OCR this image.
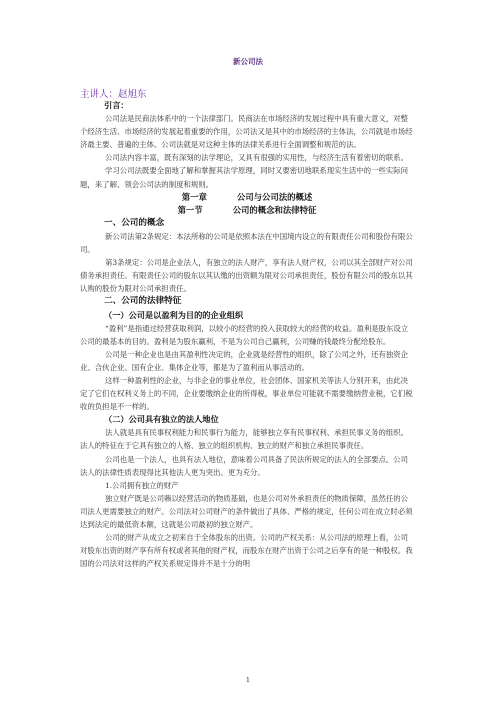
新公司法
主讲人：赵旭东

引言：

公司法是民商法体系中的一个法律部门。民商法在市场经济的发展过程中具有重大意义，对整个经济生活、市场经济的发展起着重要的作用，公司法又是其中的市场经济的主体法，公司就是市场经济最主要、普遍的主体。公司法就是对这种主体的法律关系进行全面调整和规范的法。

公司法内容丰富，既有深刻的法学理论，又具有很强的实用性，与经济生活有着密切的联系。

学习公司法既要全面地了解和掌握其法学原理，同时又要密切地联系现实生活中的一些实际问题，来了解、领会公司法的制度和规则。

第一章	公司与公司法的概述

第一节	公司的概念和法律特征

一、公司的概念

新公司法第2条规定：本法所称的公司是依照本法在中国境内设立的有限责任公司和股份有限公司。

第3条规定：公司是企业法人，有独立的法人财产，享有法人财产权，公司以其全部财产对公司债务承担责任。有限责任公司的股东以其认缴的出资额为限对公司承担责任，股份有限公司的股东以其认购的股份为限对公司承担责任。

二、公司的法律特征

（一）公司是以盈利为目的的企业组织

“盈利”是指通过经营获取利润，以较小的经营的投入获取较大的经营的收益。盈利是股东设立公司的最基本的目的。盈利是为股东赢利，不是为公司自己赢利，公司赚的钱最终分配给股东。

公司是一种企业也是由其盈利性决定的，企业就是经营性的组织，除了公司之外，还有独资企业、合伙企业、国有企业、集体企业等，都是为了盈利而从事活动的。

这样一种盈利性的企业，与非企业的事业单位，社会团体、国家机关等法人分别开来，由此决定了它们在权利义务上的不同，企业要缴纳企业的所得税，事业单位可能就不需要缴纳营业税，它们税收的负担是不一样的。

（二）公司具有独立的法人地位

法人就是具有民事权利能力和民事行为能力，能够独立享有民事权利、承担民事义务的组织。法人的特征在于它具有独立的人格、独立的组织机构、独立的财产和独立承担民事责任。

公司也是一个法人，也具有法人地位，意味着公司具备了民法所规定的法人的全部要点。公司法人的法律性质表现得比其他法人更为突出、更为充分。

1.公司拥有独立的财产

独立财产既是公司赖以经营活动的物质基础，也是公司对外承担责任的物质保障，虽然任的公司法人更需要独立的财产。公司法对公司财产的条件做出了具体、严格的规定，任何公司在成立时必须达到法定的最低资本额，这就是公司最初的独立财产。

公司的财产从成立之初来自于全体股东的出资。公司的产权关系：从公司法的原理上看，公司对股东出资的财产享有所有权或者其他的财产权，而股东在财产出资于公司之后享有的是一种股权。我国的公司法对这样的产权关系规定得并不是十分的明

1
